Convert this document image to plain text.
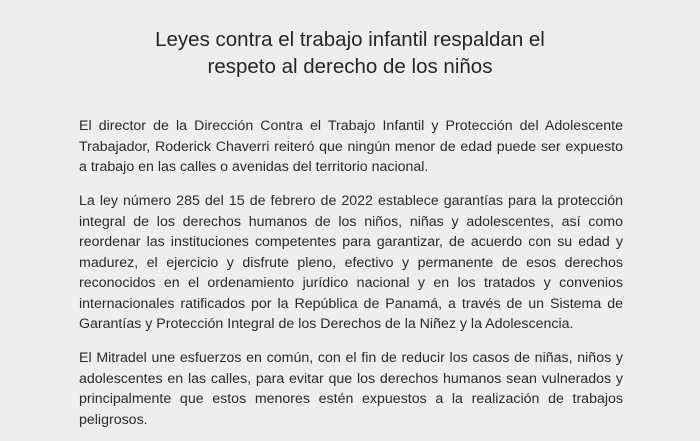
Leyes contra el trabajo infantil respaldan el
respeto al derecho de los niños

El director de la Dirección Contra el Trabajo Infantil y Protección del Adolescente Trabajador, Roderick Chaverri reiteró que ningún menor de edad puede ser expuesto a trabajo en las calles o avenidas del territorio nacional.

La ley número 285 del 15 de febrero de 2022 establece garantías para la protección integral de los derechos humanos de los niños, niñas y adolescentes, así como reordenar las instituciones competentes para garantizar, de acuerdo con su edad y madurez, el ejercicio y disfrute pleno, efectivo y permanente de esos derechos reconocidos en el ordenamiento jurídico nacional y en los tratados y convenios internacionales ratificados por la República de Panamá, a través de un Sistema de Garantías y Protección Integral de los Derechos de la Niñez y la Adolescencia.

El Mitradel une esfuerzos en común, con el fin de reducir los casos de niñas, niños y adolescentes en las calles, para evitar que los derechos humanos sean vulnerados y principalmente que estos menores estén expuestos a la realización de trabajos peligrosos.
